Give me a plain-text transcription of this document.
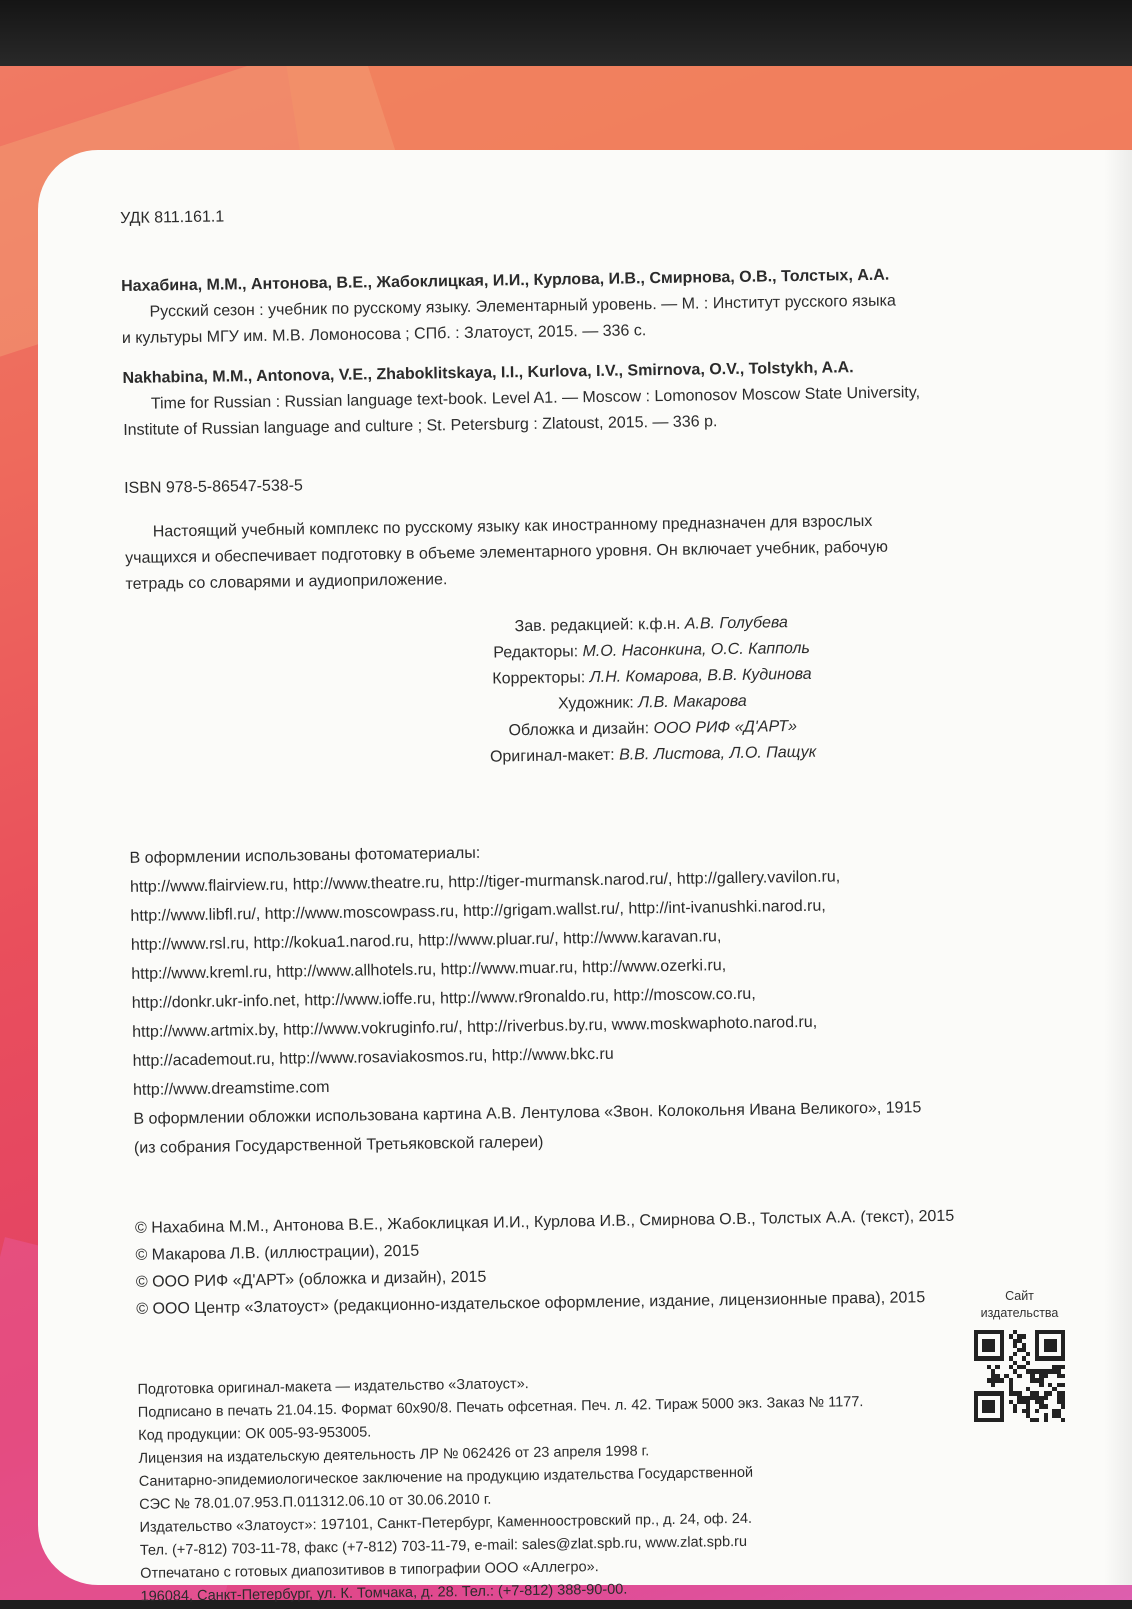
УДК 811.161.1

Нахабина, М.М., Антонова, В.Е., Жабоклицкая, И.И., Курлова, И.В., Смирнова, О.В., Толстых, А.А.

Русский сезон : учебник по русскому языку. Элементарный уровень. — М. : Институт русского языка

и культуры МГУ им. М.В. Ломоносова ; СПб. : Златоуст, 2015. — 336 с.

Nakhabina, M.M., Antonova, V.E., Zhaboklitskaya, I.I., Kurlova, I.V., Smirnova, O.V., Tolstykh, A.A.

Time for Russian : Russian language text-book. Level A1. — Moscow : Lomonosov Moscow State University,

Institute of Russian language and culture ; St. Petersburg : Zlatoust, 2015. — 336 p.

ISBN 978-5-86547-538-5

Настоящий учебный комплекс по русскому языку как иностранному предназначен для взрослых

учащихся и обеспечивает подготовку в объеме элементарного уровня. Он включает учебник, рабочую

тетрадь со словарями и аудиоприложение.

Зав. редакцией: к.ф.н. А.В. Голубева

Редакторы: М.О. Насонкина, О.С. Капполь

Корректоры: Л.Н. Комарова, В.В. Кудинова

Художник: Л.В. Макарова

Обложка и дизайн: ООО РИФ «Д'АРТ»

Оригинал-макет: В.В. Листова, Л.О. Пащук

В оформлении использованы фотоматериалы:

http://www.flairview.ru, http://www.theatre.ru, http://tiger-murmansk.narod.ru/, http://gallery.vavilon.ru,

http://www.libfl.ru/, http://www.moscowpass.ru, http://grigam.wallst.ru/, http://int-ivanushki.narod.ru,

http://www.rsl.ru, http://kokua1.narod.ru, http://www.pluar.ru/, http://www.karavan.ru,

http://www.kreml.ru, http://www.allhotels.ru, http://www.muar.ru, http://www.ozerki.ru,

http://donkr.ukr-info.net, http://www.ioffe.ru, http://www.r9ronaldo.ru, http://moscow.co.ru,

http://www.artmix.by, http://www.vokruginfo.ru/, http://riverbus.by.ru, www.moskwaphoto.narod.ru,

http://academout.ru, http://www.rosaviakosmos.ru, http://www.bkc.ru

http://www.dreamstime.com

В оформлении обложки использована картина А.В. Лентулова «Звон. Колокольня Ивана Великого», 1915

(из собрания Государственной Третьяковской галереи)

© Нахабина М.М., Антонова В.Е., Жабоклицкая И.И., Курлова И.В., Смирнова О.В., Толстых А.А. (текст), 2015

© Макарова Л.В. (иллюстрации), 2015

© ООО РИФ «Д'АРТ» (обложка и дизайн), 2015

© ООО Центр «Златоуст» (редакционно-издательское оформление, издание, лицензионные права), 2015

Подготовка оригинал-макета — издательство «Златоуст».

Подписано в печать 21.04.15. Формат 60х90/8. Печать офсетная. Печ. л. 42. Тираж 5000 экз. Заказ № 1177.

Код продукции: ОК 005-93-953005.

Лицензия на издательскую деятельность ЛР № 062426 от 23 апреля 1998 г.

Санитарно-эпидемиологическое заключение на продукцию издательства Государственной

СЭС № 78.01.07.953.П.011312.06.10 от 30.06.2010 г.

Издательство «Златоуст»: 197101, Санкт-Петербург, Каменноостровский пр., д. 24, оф. 24.

Тел. (+7-812) 703-11-78, факс (+7-812) 703-11-79, e-mail: sales@zlat.spb.ru, www.zlat.spb.ru

Отпечатано с готовых диапозитивов в типографии ООО «Аллегро».

196084, Санкт-Петербург, ул. К. Томчака, д. 28. Тел.: (+7-812) 388-90-00.

Сайт
издательства
